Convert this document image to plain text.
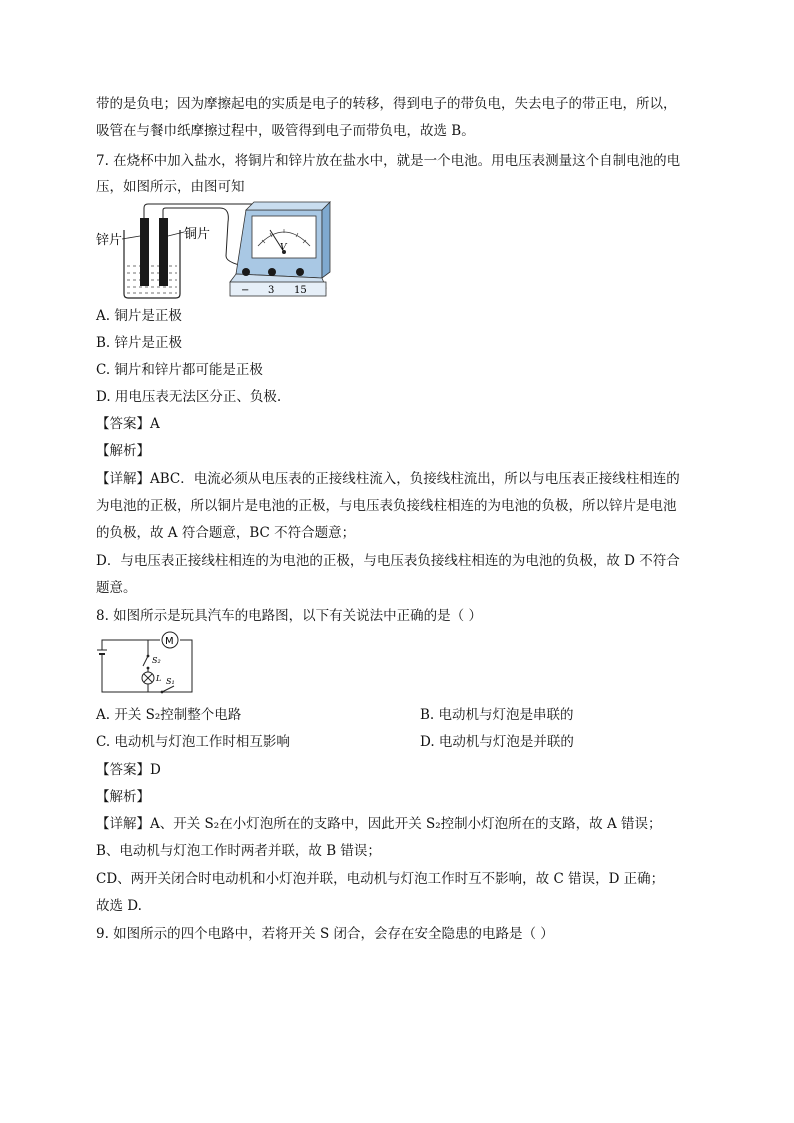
带的是负电；因为摩擦起电的实质是电子的转移，得到电子的带负电，失去电子的带正电，所以，
吸管在与餐巾纸摩擦过程中，吸管得到电子而带负电，故选 B。
7. 在烧杯中加入盐水，将铜片和锌片放在盐水中，就是一个电池。用电压表测量这个自制电池的电
压，如图所示，由图可知
锌片	铜片
V
− 3 15
A. 铜片是正极
B. 锌片是正极
C. 铜片和锌片都可能是正极
D. 用电压表无法区分正、负极.
【答案】A
【解析】
【详解】ABC．电流必须从电压表的正接线柱流入，负接线柱流出，所以与电压表正接线柱相连的
为电池的正极，所以铜片是电池的正极，与电压表负接线柱相连的为电池的负极，所以锌片是电池
的负极，故 A 符合题意，BC 不符合题意；
D．与电压表正接线柱相连的为电池的正极，与电压表负接线柱相连的为电池的负极，故 D 不符合
题意。
8. 如图所示是玩具汽车的电路图，以下有关说法中正确的是（ ）
M
S₂
L S₁
A. 开关 S₂控制整个电路	B. 电动机与灯泡是串联的
C. 电动机与灯泡工作时相互影响	D. 电动机与灯泡是并联的
【答案】D
【解析】
【详解】A、开关 S₂在小灯泡所在的支路中，因此开关 S₂控制小灯泡所在的支路，故 A 错误；
B、电动机与灯泡工作时两者并联，故 B 错误；
CD、两开关闭合时电动机和小灯泡并联，电动机与灯泡工作时互不影响，故 C 错误，D 正确；
故选 D.
9. 如图所示的四个电路中，若将开关 S 闭合，会存在安全隐患的电路是（ ）
